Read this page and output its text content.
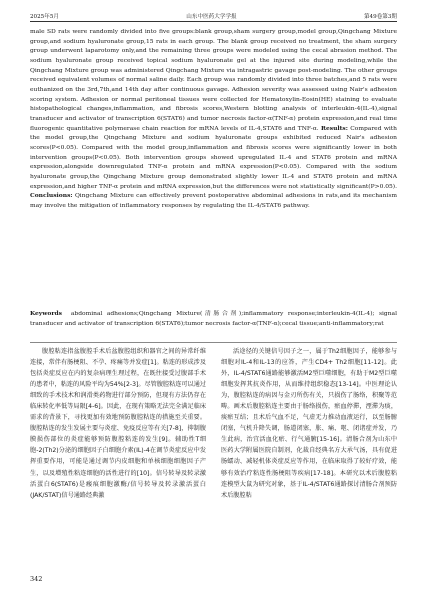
2025年5月	山东中医药大学学报	第49卷第3期

male SD rats were randomly divided into five groups:blank group,sham surgery group,model group,Qingchang Mixture group,and sodium hyaluronate group,15 rats in each group. The blank group received no treatment, the sham surgery group underwent laparotomy only,and the remaining three groups were modeled using the cecal abrasion method. The sodium hyaluronate group received topical sodium hyaluronate gel at the injured site during modeling,while the Qingchang Mixture group was administered Qingchang Mixture via intragastric gavage post-modeling. The other groups received equivalent volumes of normal saline daily. Each group was randomly divided into three batches,and 5 rats were euthanized on the 3rd,7th,and 14th day after continuous gavage. Adhesion severity was assessed using Nair's adhesion scoring system. Adhesion or normal peritoneal tissues were collected for Hematoxylin-Eosin(HE) staining to evaluate histopathological changes,inflammation, and fibrosis scores,Western blotting analysis of interleukin-4(IL-4),signal transducer and activator of transcription 6(STAT6) and tumor necrosis factor-α(TNF-α) protein expression,and real time fluorogenic quantitative polymerase chain reaction for mRNA levels of IL-4,STAT6 and TNF-α. Results: Compared with the model group,the Qingchang Mixture and sodium hyaluronate groups exhibited reduced Nair's adhesion scores(P<0.05). Compared with the model group,inflammation and fibrosis scores were significantly lower in both intervention groups(P<0.05). Both intervention groups showed upregulated IL-4 and STAT6 protein and mRNA expression,alongside downregulated TNF-α protein and mRNA expression(P<0.05). Compared with the sodium hyaluronate group,the Qingchang Mixture group demonstrated slightly lower IL-4 and STAT6 protein and mRNA expression,and higher TNF-α protein and mRNA expression,but the differences were not statistically significant(P>0.05). Conclusions: Qingchang Mixture can effectively prevent postoperative abdominal adhesions in rats,and its mechanism may involve the mitigation of inflammatory responses by regulating the IL-4/STAT6 pathway.

Keywords abdominal adhesions;Qingchang Mixture(清肠合剂);inflammatory response;interleukin-4(IL-4); signal transducer and activator of transcription 6(STAT6);tumor necrosis factor-α(TNF-α);cecal tissue;anti-inflammatory;rat

腹腔粘连指盆腹腔手术后盆腹腔组织和器官之间的异常纤维连接，常伴有肠梗阻、不孕、疼痛等并发症[1]。粘连的形成涉及包括炎症反应在内的复杂病理生理过程，在既往接受过腹部手术的患者中，粘连的风险平均为54%[2-3]。尽管腹腔粘连可以通过细致的手术技术和润滑类药物进行部分预防，但现有方法仍存在临床转化率低等局限[4-6]。因此，在现有策略无法完全满足临床需求的背景下，寻找更加有效地预防腹腔粘连的措施至关重要。腹腔粘连的发生发展主要与炎症、免疫反应等有关[7-8]，抑制腹膜损伤部位的炎症能够预防腹腔粘连的发生[9]。辅助性T细胞-2(Th2)分泌的细胞因子白细胞介素(IL)-4在调节炎症反应中发挥重要作用，可能是通过调节内皮细胞和单核细胞细胞因子产生，以及增殖性粘连细胞的活性进行的[10]。信号转导及转录激活蛋白6(STAT6)是瘢痕细胞激酶/信号转导及转录激活蛋白(JAK/STAT)信号通路经典激

活途径的关键信号因子之一，属于Th2细胞因子，能够参与细胞对IL-4和IL-13的应答，产生CD4+ Th2细胞[11-12]。此外，IL-4/STAT6通路能够激活M2型巨噬细胞，有助于M2型巨噬细胞发挥其抗炎作用，从而维持组织稳态[13-14]。中医理论认为，腹腔粘连的病因与金刃所伤有关，只损伤了肠络，积聚等范畴。画术后腹腔粘连主要由于肠络损伤，瘀血停滞，湮滞为痰，痰瘀互结；且术后气血不足，气虚无力推动血液运行，以至肠腑闭塞，气机升降失调，肠道闭塞，胀、痛、呕、闭诸症并发，乃生此病，治宜活血化瘀、行气通腑[15-16]。清肠合剂为山东中医药大学附属医院自制剂，化裁自经典名方大承气汤，具有促进肠蠕动、减轻机体炎症反应等作用，在临床取得了较好疗效，能够有效治疗粘连性肠梗阻等疾病[17-18]。本研究以术后腹腔粘连模型大鼠为研究对象，基于IL-4/STAT6通路探讨清肠合剂预防术后腹腔粘

342
